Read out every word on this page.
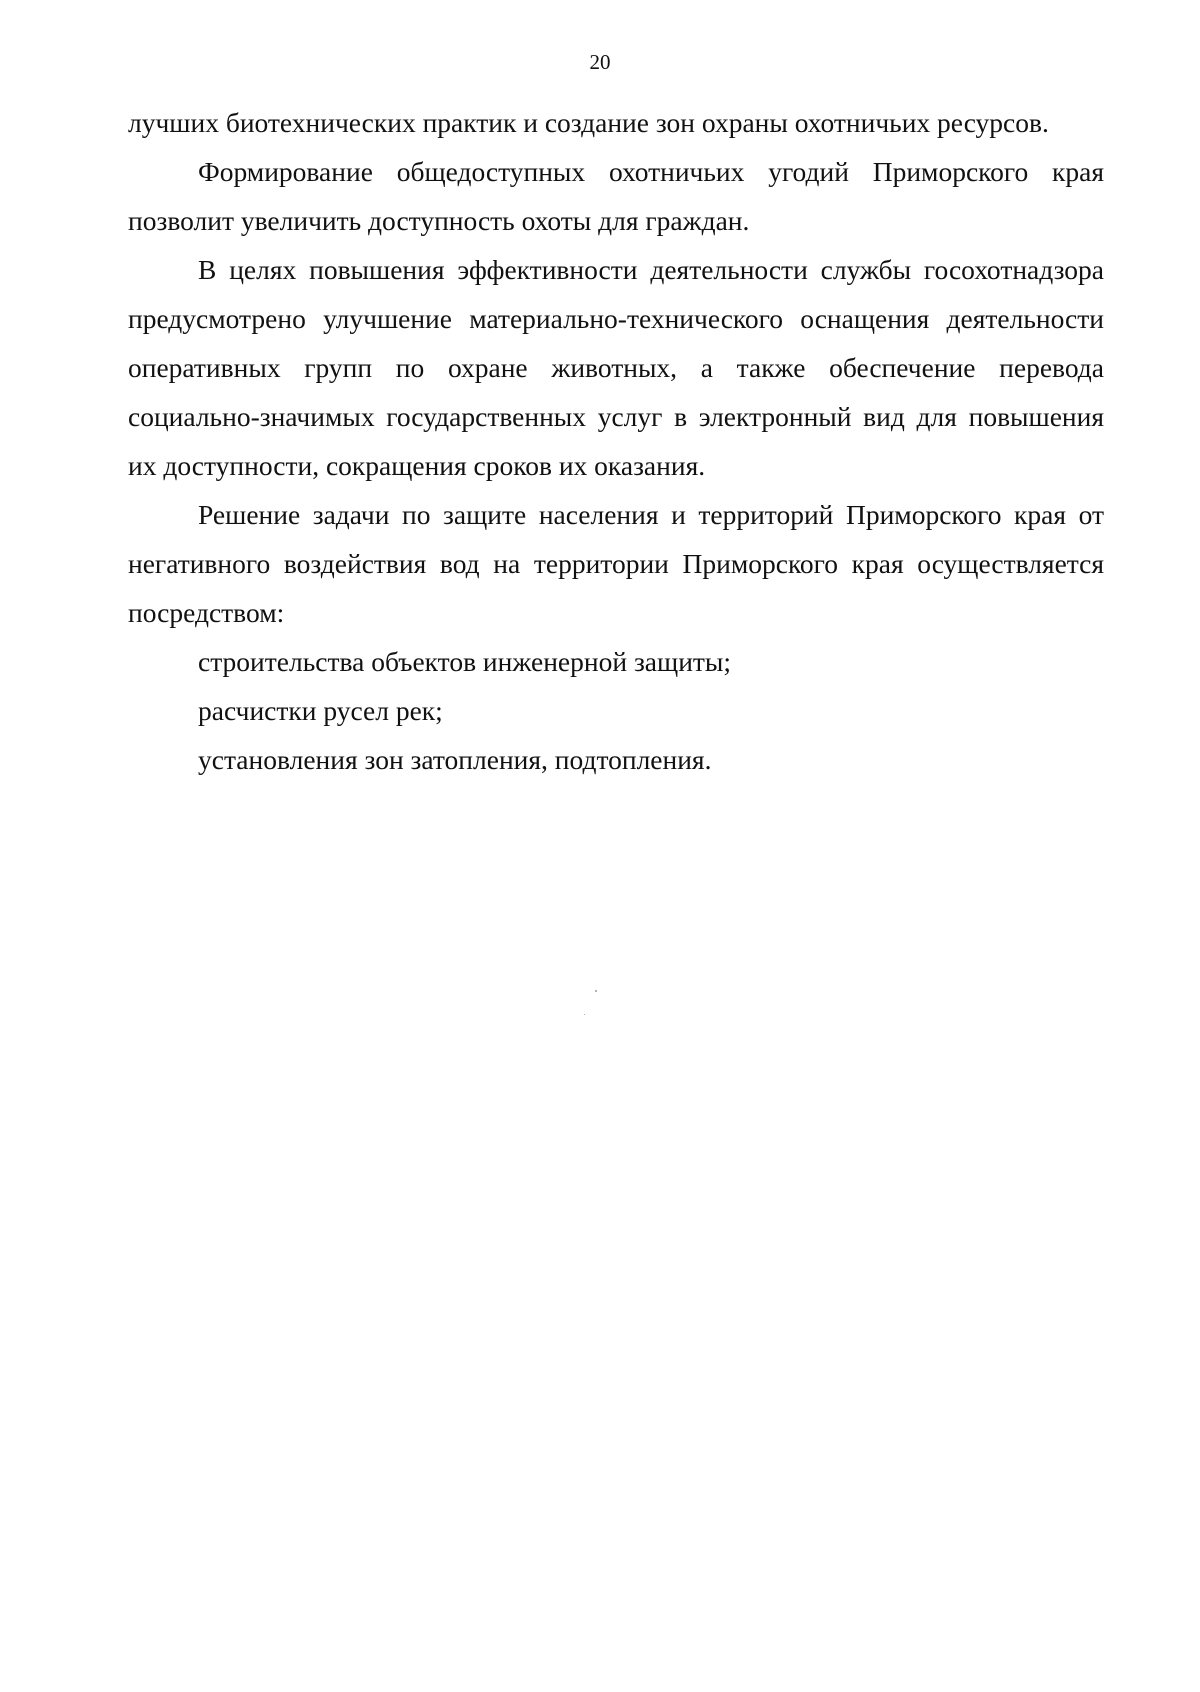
20

лучших биотехнических практик и создание зон охраны охотничьих ресурсов.

Формирование общедоступных охотничьих угодий Приморского края позволит увеличить доступность охоты для граждан.

В целях повышения эффективности деятельности службы госохотнадзора предусмотрено улучшение материально-технического оснащения деятельности оперативных групп по охране животных, а также обеспечение перевода социально-значимых государственных услуг в электронный вид для повышения их доступности, сокращения сроков их оказания.

Решение задачи по защите населения и территорий Приморского края от негативного воздействия вод на территории Приморского края осуществляется посредством:

строительства объектов инженерной защиты;

расчистки русел рек;

установления зон затопления, подтопления.
